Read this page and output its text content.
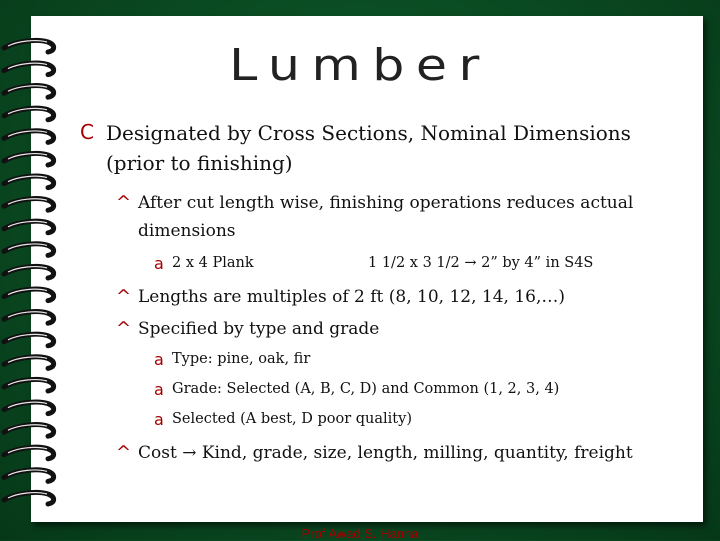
Lumber
C Designated by Cross Sections, Nominal Dimensions
(prior to finishing)
^ After cut length wise, finishing operations reduces actual
dimensions
a 2 x 4 Plank	1 1/2 x 3 1/2 → 2” by 4” in S4S
^ Lengths are multiples of 2 ft (8, 10, 12, 14, 16,…)
^ Specified by type and grade
a Type: pine, oak, fir
a Grade: Selected (A, B, C, D) and Common (1, 2, 3, 4)
a Selected (A best, D poor quality)
^ Cost → Kind, grade, size, length, milling, quantity, freight
Prof Awad S. Hanna
